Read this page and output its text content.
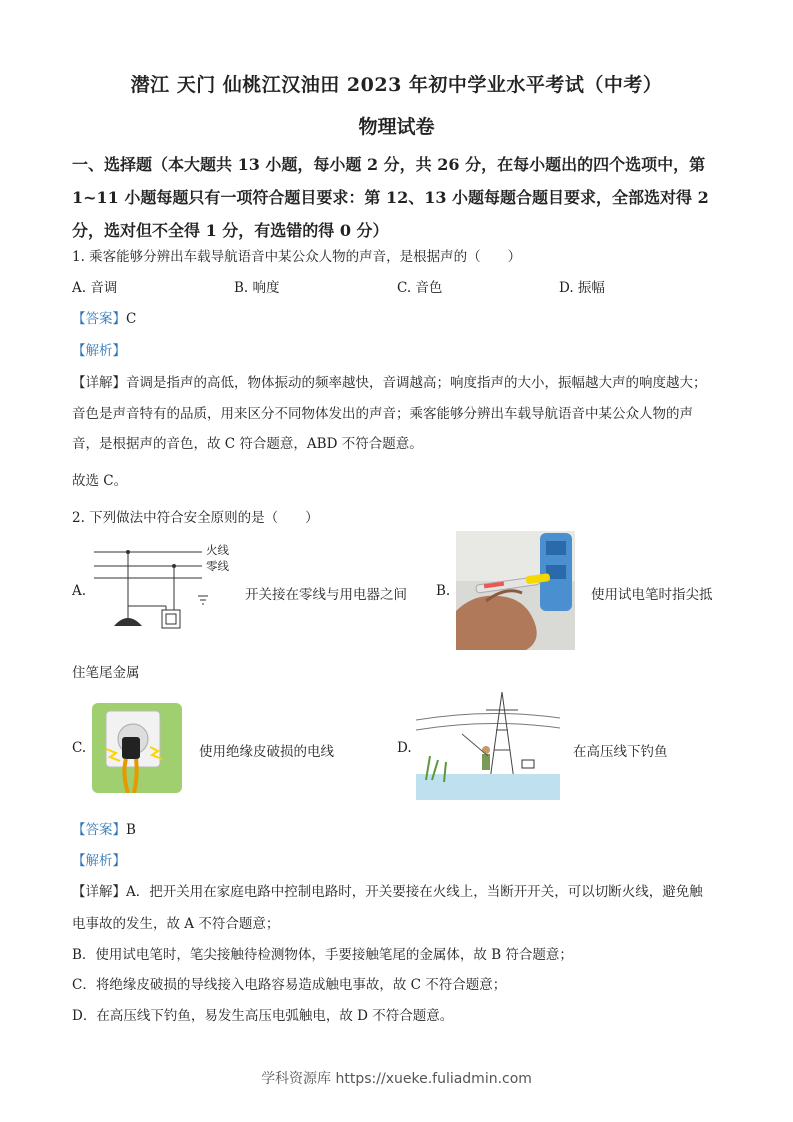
潜江 天门 仙桃江汉油田 2023 年初中学业水平考试（中考）
物理试卷
一、选择题（本大题共 13 小题，每小题 2 分，共 26 分，在每小题出的四个选项中，第 1~11 小题每题只有一项符合题目要求：第 12、13 小题每题合题目要求，全部选对得 2 分，选对但不全得 1 分，有选错的得 0 分）
1. 乘客能够分辨出车载导航语音中某公众人物的声音，是根据声的（　　）
A. 音调	B. 响度	C. 音色	D. 振幅
【答案】C
【解析】
【详解】音调是指声的高低，物体振动的频率越快，音调越高；响度指声的大小，振幅越大声的响度越大；
音色是声音特有的品质，用来区分不同物体发出的声音；乘客能够分辨出车载导航语音中某公众人物的声
音，是根据声的音色，故 C 符合题意，ABD 不符合题意。
故选 C。
2. 下列做法中符合安全原则的是（　　）
A.
火线
零线
开关接在零线与用电器之间 B.	使用试电笔时指尖抵
住笔尾金属
C.	使用绝缘皮破损的电线	D.	在高压线下钓鱼
【答案】B
【解析】
【详解】A．把开关用在家庭电路中控制电路时，开关要接在火线上，当断开开关，可以切断火线，避免触
电事故的发生，故 A 不符合题意；
B．使用试电笔时，笔尖接触待检测物体，手要接触笔尾的金属体，故 B 符合题意；
C．将绝缘皮破损的导线接入电路容易造成触电事故，故 C 不符合题意；
D．在高压线下钓鱼，易发生高压电弧触电，故 D 不符合题意。
学科资源库 https://xueke.fuliadmin.com
